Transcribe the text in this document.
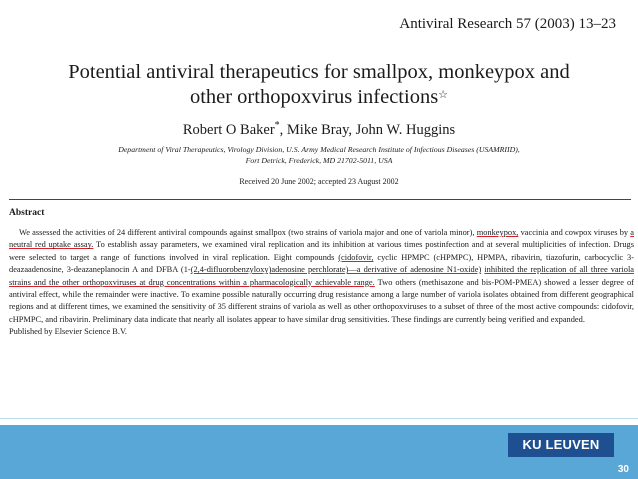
Antiviral Research 57 (2003) 13–23
Potential antiviral therapeutics for smallpox, monkeypox and
other orthopoxvirus infections☆
Robert O Baker*, Mike Bray, John W. Huggins
Department of Viral Therapeutics, Virology Division, U.S. Army Medical Research Institute of Infectious Diseases (USAMRIID),
Fort Detrick, Frederick, MD 21702-5011, USA
Received 20 June 2002; accepted 23 August 2002
Abstract

We assessed the activities of 24 different antiviral compounds against smallpox (two strains of variola major and one of variola minor), monkeypox, vaccinia and cowpox viruses by a neutral red uptake assay. To establish assay parameters, we examined viral replication and its inhibition at various times postinfection and at several multiplicities of infection. Drugs were selected to target a range of functions involved in viral replication. Eight compounds (cidofovir, cyclic HPMPC (cHPMPC), HPMPA, ribavirin, tiazofurin, carbocyclic 3-deazaadenosine, 3-deazaneplanocin A and DFBA (1-(2,4-difluorobenzyloxy)adenosine perchlorate)—a derivative of adenosine N1-oxide) inhibited the replication of all three variola strains and the other orthopoxviruses at drug concentrations within a pharmacologically achievable range. Two others (methisazone and bis-POM-PMEA) showed a lesser degree of antiviral effect, while the remainder were inactive. To examine possible naturally occurring drug resistance among a large number of variola isolates obtained from different geographical regions and at different times, we examined the sensitivity of 35 different strains of variola as well as other orthopoxviruses to a subset of three of the most active compounds: cidofovir, cHPMPC, and ribavirin. Preliminary data indicate that nearly all isolates appear to have similar drug sensitivities. These findings are currently being verified and expanded.

Published by Elsevier Science B.V.

KU LEUVEN
30
